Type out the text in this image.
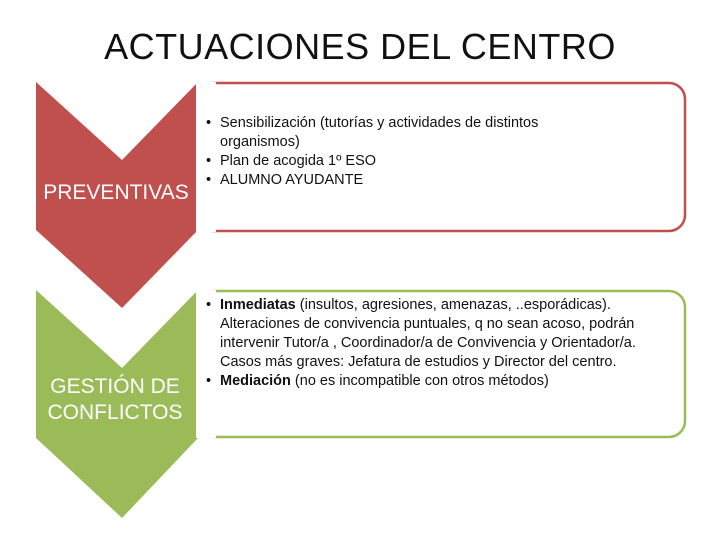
ACTUACIONES DEL CENTRO
PREVENTIVAS
• Sensibilización (tutorías y actividades de distintos organismos)
• Plan de acogida 1º ESO
• ALUMNO AYUDANTE
GESTIÓN DE
CONFLICTOS
• Inmediatas (insultos, agresiones, amenazas, ..esporádicas). Alteraciones de convivencia puntuales, q no sean acoso, podrán intervenir Tutor/a , Coordinador/a de Convivencia y Orientador/a. Casos más graves: Jefatura de estudios y Director del centro.
• Mediación (no es incompatible con otros métodos)
